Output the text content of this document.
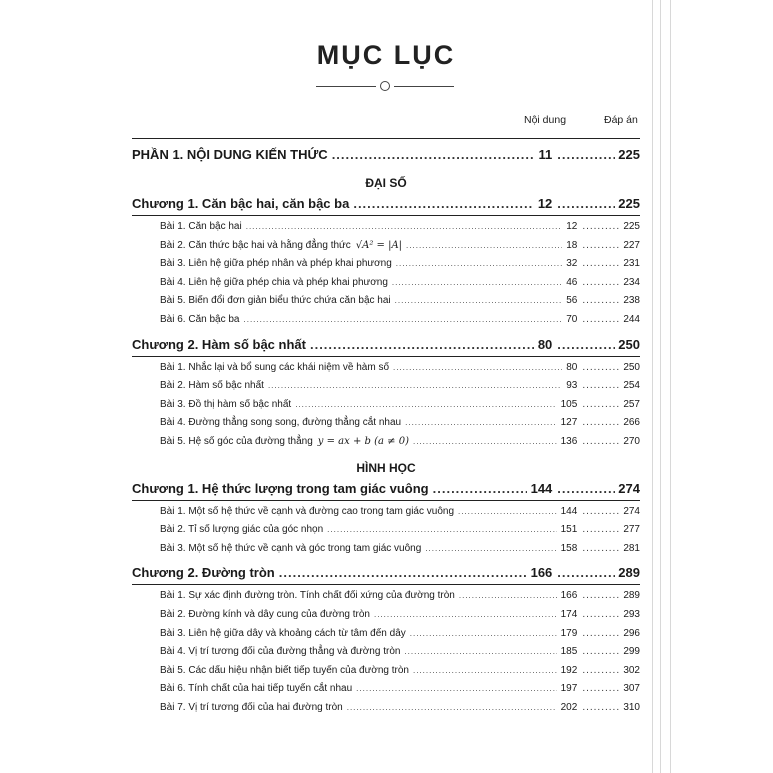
MỤC LỤC
Nội dung	Đáp án
PHẦN 1. NỘI DUNG KIẾN THỨC .....	11 .....	225
ĐẠI SỐ
Chương 1. Căn bậc hai, căn bậc ba .....	12 .....	225
Bài 1. Căn bậc hai .....	12 .....	225
Bài 2. Căn thức bậc hai và hằng đẳng thức √A² = |A| .....	18 .....	227
Bài 3. Liên hệ giữa phép nhân và phép khai phương .....	32 .....	231
Bài 4. Liên hệ giữa phép chia và phép khai phương .....	46 .....	234
Bài 5. Biến đổi đơn giản biểu thức chứa căn bậc hai .....	56 .....	238
Bài 6. Căn bậc ba .....	70 .....	244
Chương 2. Hàm số bậc nhất .....	80 .....	250
Bài 1. Nhắc lại và bổ sung các khái niệm về hàm số .....	80 .....	250
Bài 2. Hàm số bậc nhất .....	93 .....	254
Bài 3. Đồ thị hàm số bậc nhất .....	105 .....	257
Bài 4. Đường thẳng song song, đường thẳng cắt nhau .....	127 .....	266
Bài 5. Hệ số góc của đường thẳng y = ax + b (a ≠ 0) .....	136 .....	270
HÌNH HỌC
Chương 1. Hệ thức lượng trong tam giác vuông .....	144 .....	274
Bài 1. Một số hệ thức về cạnh và đường cao trong tam giác vuông .....	144 .....	274
Bài 2. Tỉ số lượng giác của góc nhọn .....	151 .....	277
Bài 3. Một số hệ thức về cạnh và góc trong tam giác vuông .....	158 .....	281
Chương 2. Đường tròn .....	166 .....	289
Bài 1. Sự xác định đường tròn. Tính chất đối xứng của đường tròn .....	166 .....	289
Bài 2. Đường kính và dây cung của đường tròn .....	174 .....	293
Bài 3. Liên hệ giữa dây và khoảng cách từ tâm đến dây .....	179 .....	296
Bài 4. Vị trí tương đối của đường thẳng và đường tròn .....	185 .....	299
Bài 5. Các dấu hiệu nhận biết tiếp tuyến của đường tròn .....	192 .....	302
Bài 6. Tính chất của hai tiếp tuyến cắt nhau .....	197 .....	307
Bài 7. Vị trí tương đối của hai đường tròn .....	202 .....	310
